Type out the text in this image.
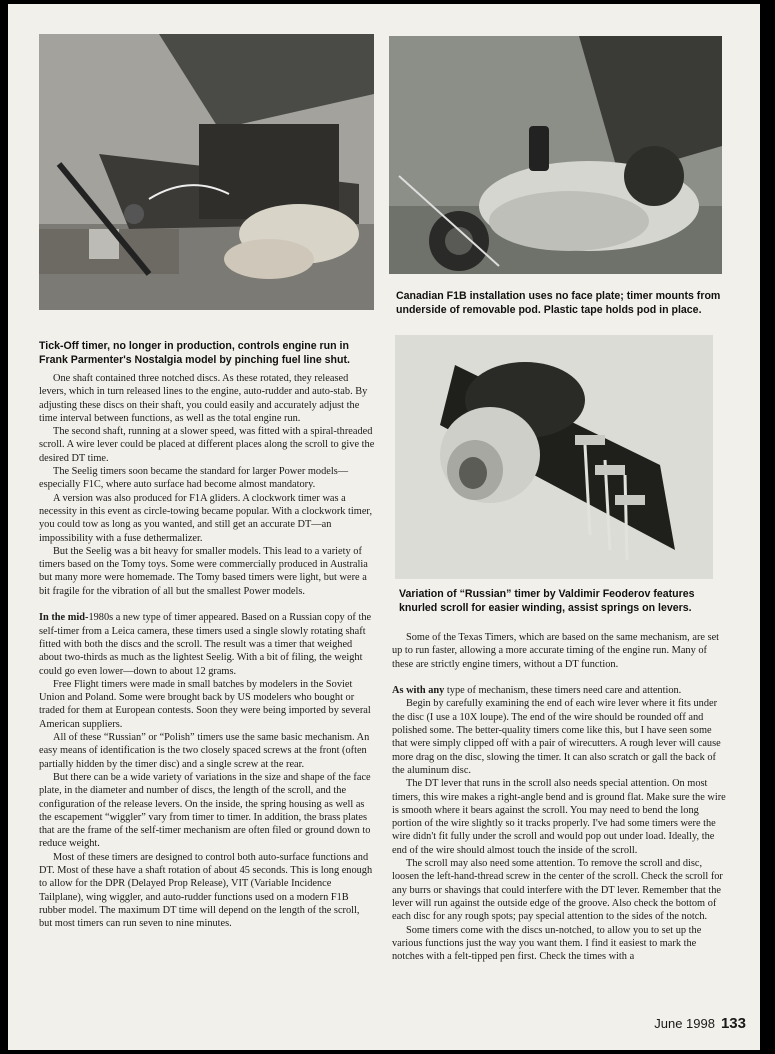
Tick-Off timer, no longer in production, controls engine run in Frank Parmenter's Nostalgia model by pinching fuel line shut.
Canadian F1B installation uses no face plate; timer mounts from underside of removable pod. Plastic tape holds pod in place.
Variation of “Russian” timer by Valdimir Feoderov features knurled scroll for easier winding, assist springs on levers.

One shaft contained three notched discs. As these rotated, they released levers, which in turn released lines to the engine, auto-rudder and auto-stab. By adjusting these discs on their shaft, you could easily and accurately adjust the time interval between functions, as well as the total engine run.

The second shaft, running at a slower speed, was fitted with a spiral-threaded scroll. A wire lever could be placed at different places along the scroll to give the desired DT time.

The Seelig timers soon became the standard for larger Power models—especially F1C, where auto surface had become almost mandatory.

A version was also produced for F1A gliders. A clockwork timer was a necessity in this event as circle-towing became popular. With a clockwork timer, you could tow as long as you wanted, and still get an accurate DT—an impossibility with a fuse dethermalizer.

But the Seelig was a bit heavy for smaller models. This lead to a variety of timers based on the Tomy toys. Some were commercially produced in Australia but many more were homemade. The Tomy based timers were light, but were a bit fragile for the vibration of all but the smallest Power models.

In the mid-1980s a new type of timer appeared. Based on a Russian copy of the self-timer from a Leica camera, these timers used a single slowly rotating shaft fitted with both the discs and the scroll. The result was a timer that weighed about two-thirds as much as the lightest Seelig. With a bit of filing, the weight could go even lower—down to about 12 grams.

Free Flight timers were made in small batches by modelers in the Soviet Union and Poland. Some were brought back by US modelers who bought or traded for them at European contests. Soon they were being imported by several American suppliers.

All of these “Russian” or “Polish” timers use the same basic mechanism. An easy means of identification is the two closely spaced screws at the front (often partially hidden by the timer disc) and a single screw at the rear.

But there can be a wide variety of variations in the size and shape of the face plate, in the diameter and number of discs, the length of the scroll, and the configuration of the release levers. On the inside, the spring housing as well as the escapement “wiggler” vary from timer to timer. In addition, the brass plates that are the frame of the self-timer mechanism are often filed or ground down to reduce weight.

Most of these timers are designed to control both auto-surface functions and DT. Most of these have a shaft rotation of about 45 seconds. This is long enough to allow for the DPR (Delayed Prop Release), VIT (Variable Incidence Tailplane), wing wiggler, and auto-rudder functions used on a modern F1B rubber model. The maximum DT time will depend on the length of the scroll, but most timers can run seven to nine minutes.

Some of the Texas Timers, which are based on the same mechanism, are set up to run faster, allowing a more accurate timing of the engine run. Many of these are strictly engine timers, without a DT function.

As with any type of mechanism, these timers need care and attention.

Begin by carefully examining the end of each wire lever where it fits under the disc (I use a 10X loupe). The end of the wire should be rounded off and polished some. The better-quality timers come like this, but I have seen some that were simply clipped off with a pair of wirecutters. A rough lever will cause more drag on the disc, slowing the timer. It can also scratch or gall the back of the aluminum disc.

The DT lever that runs in the scroll also needs special attention. On most timers, this wire makes a right-angle bend and is ground flat. Make sure the wire is smooth where it bears against the scroll. You may need to bend the long portion of the wire slightly so it tracks properly. I've had some timers were the wire didn't fit fully under the scroll and would pop out under load. Ideally, the end of the wire should almost touch the inside of the scroll.

The scroll may also need some attention. To remove the scroll and disc, loosen the left-hand-thread screw in the center of the scroll. Check the scroll for any burrs or shavings that could interfere with the DT lever. Remember that the lever will run against the outside edge of the groove. Also check the bottom of each disc for any rough spots; pay special attention to the sides of the notch.

Some timers come with the discs un-notched, to allow you to set up the various functions just the way you want them. I find it easiest to mark the notches with a felt-tipped pen first. Check the times with a

June 1998 133
